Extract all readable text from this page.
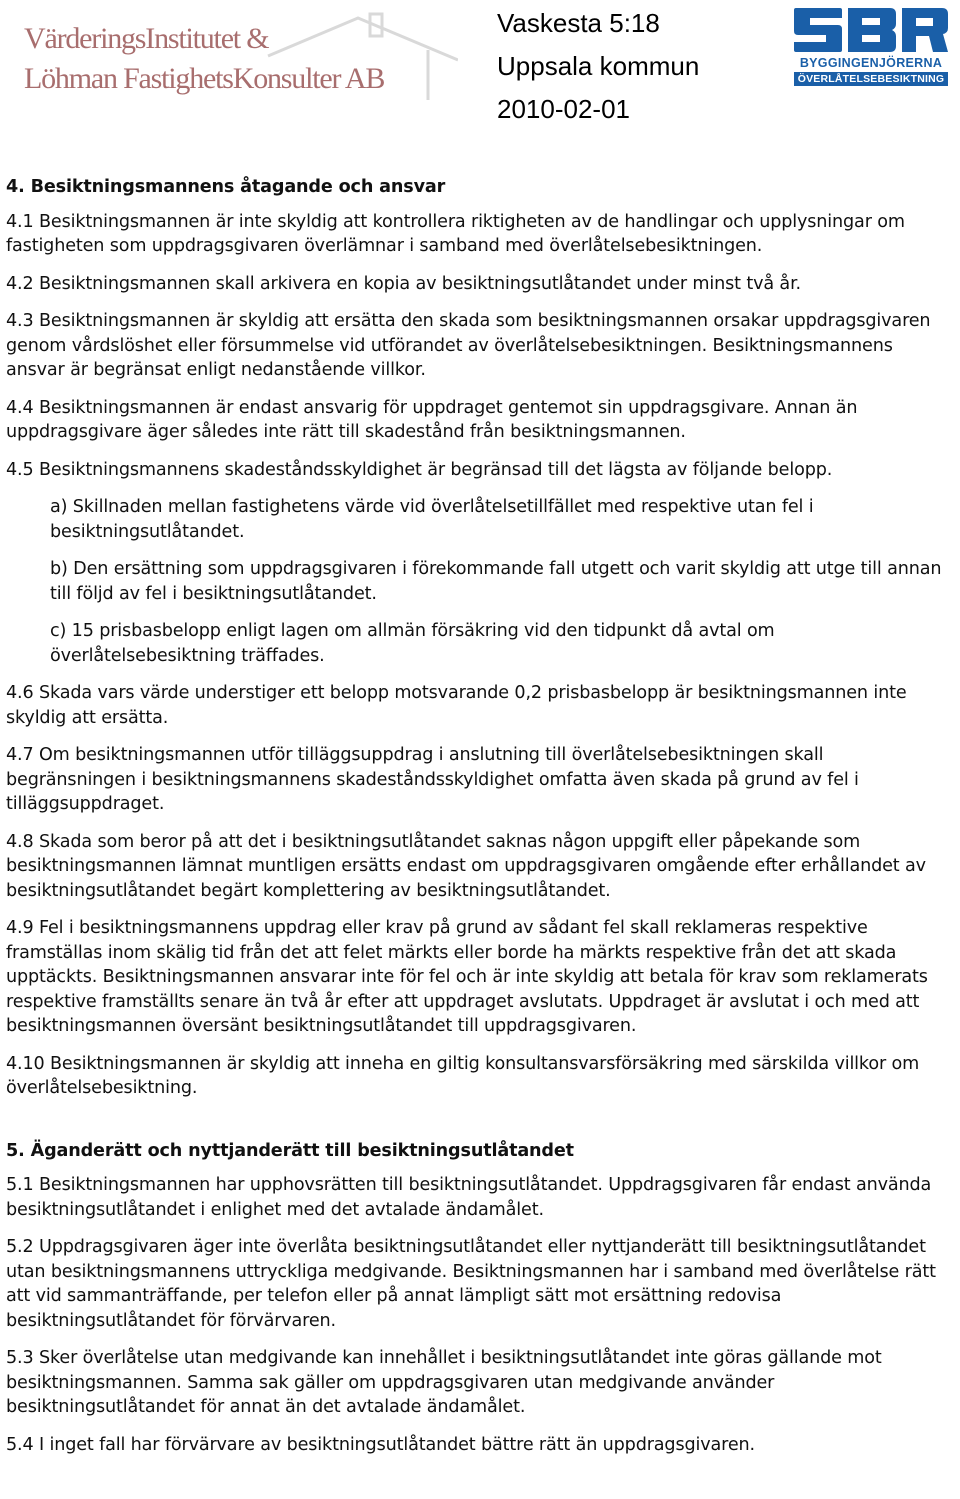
VärderingsInstitutet &
Löhman FastighetsKonsulter AB
Vaskesta 5:18
Uppsala kommun
2010-02-01
BYGGINGENJÖRERNA
ÖVERLÅTELSEBESIKTNING
4. Besiktningsmannens åtagande och ansvar
4.1 Besiktningsmannen är inte skyldig att kontrollera riktigheten av de handlingar och upplysningar om fastigheten som uppdragsgivaren överlämnar i samband med överlåtelsebesiktningen.
4.2 Besiktningsmannen skall arkivera en kopia av besiktningsutlåtandet under minst två år.
4.3 Besiktningsmannen är skyldig att ersätta den skada som besiktningsmannen orsakar uppdragsgivaren genom vårdslöshet eller försummelse vid utförandet av överlåtelsebesiktningen. Besiktningsmannens ansvar är begränsat enligt nedanstående villkor.
4.4 Besiktningsmannen är endast ansvarig för uppdraget gentemot sin uppdragsgivare. Annan än uppdragsgivare äger således inte rätt till skadestånd från besiktningsmannen.
4.5 Besiktningsmannens skadeståndsskyldighet är begränsad till det lägsta av följande belopp.
a) Skillnaden mellan fastighetens värde vid överlåtelsetillfället med respektive utan fel i besiktningsutlåtandet.
b) Den ersättning som uppdragsgivaren i förekommande fall utgett och varit skyldig att utge till annan till följd av fel i besiktningsutlåtandet.
c) 15 prisbasbelopp enligt lagen om allmän försäkring vid den tidpunkt då avtal om överlåtelsebesiktning träffades.
4.6 Skada vars värde understiger ett belopp motsvarande 0,2 prisbasbelopp är besiktningsmannen inte skyldig att ersätta.
4.7 Om besiktningsmannen utför tilläggsuppdrag i anslutning till överlåtelsebesiktningen skall begränsningen i besiktningsmannens skadeståndsskyldighet omfatta även skada på grund av fel i tilläggsuppdraget.
4.8 Skada som beror på att det i besiktningsutlåtandet saknas någon uppgift eller påpekande som besiktningsmannen lämnat muntligen ersätts endast om uppdragsgivaren omgående efter erhållandet av besiktningsutlåtandet begärt komplettering av besiktningsutlåtandet.
4.9 Fel i besiktningsmannens uppdrag eller krav på grund av sådant fel skall reklameras respektive framställas inom skälig tid från det att felet märkts eller borde ha märkts respektive från det att skada upptäckts. Besiktningsmannen ansvarar inte för fel och är inte skyldig att betala för krav som reklamerats respektive framställts senare än två år efter att uppdraget avslutats. Uppdraget är avslutat i och med att besiktningsmannen översänt besiktningsutlåtandet till uppdragsgivaren.
4.10 Besiktningsmannen är skyldig att inneha en giltig konsultansvarsförsäkring med särskilda villkor om överlåtelsebesiktning.
5. Äganderätt och nyttjanderätt till besiktningsutlåtandet
5.1 Besiktningsmannen har upphovsrätten till besiktningsutlåtandet. Uppdragsgivaren får endast använda besiktningsutlåtandet i enlighet med det avtalade ändamålet.
5.2 Uppdragsgivaren äger inte överlåta besiktningsutlåtandet eller nyttjanderätt till besiktningsutlåtandet utan besiktningsmannens uttryckliga medgivande. Besiktningsmannen har i samband med överlåtelse rätt att vid sammanträffande, per telefon eller på annat lämpligt sätt mot ersättning redovisa besiktningsutlåtandet för förvärvaren.
5.3 Sker överlåtelse utan medgivande kan innehållet i besiktningsutlåtandet inte göras gällande mot besiktningsmannen. Samma sak gäller om uppdragsgivaren utan medgivande använder besiktningsutlåtandet för annat än det avtalade ändamålet.
5.4 I inget fall har förvärvare av besiktningsutlåtandet bättre rätt än uppdragsgivaren.
